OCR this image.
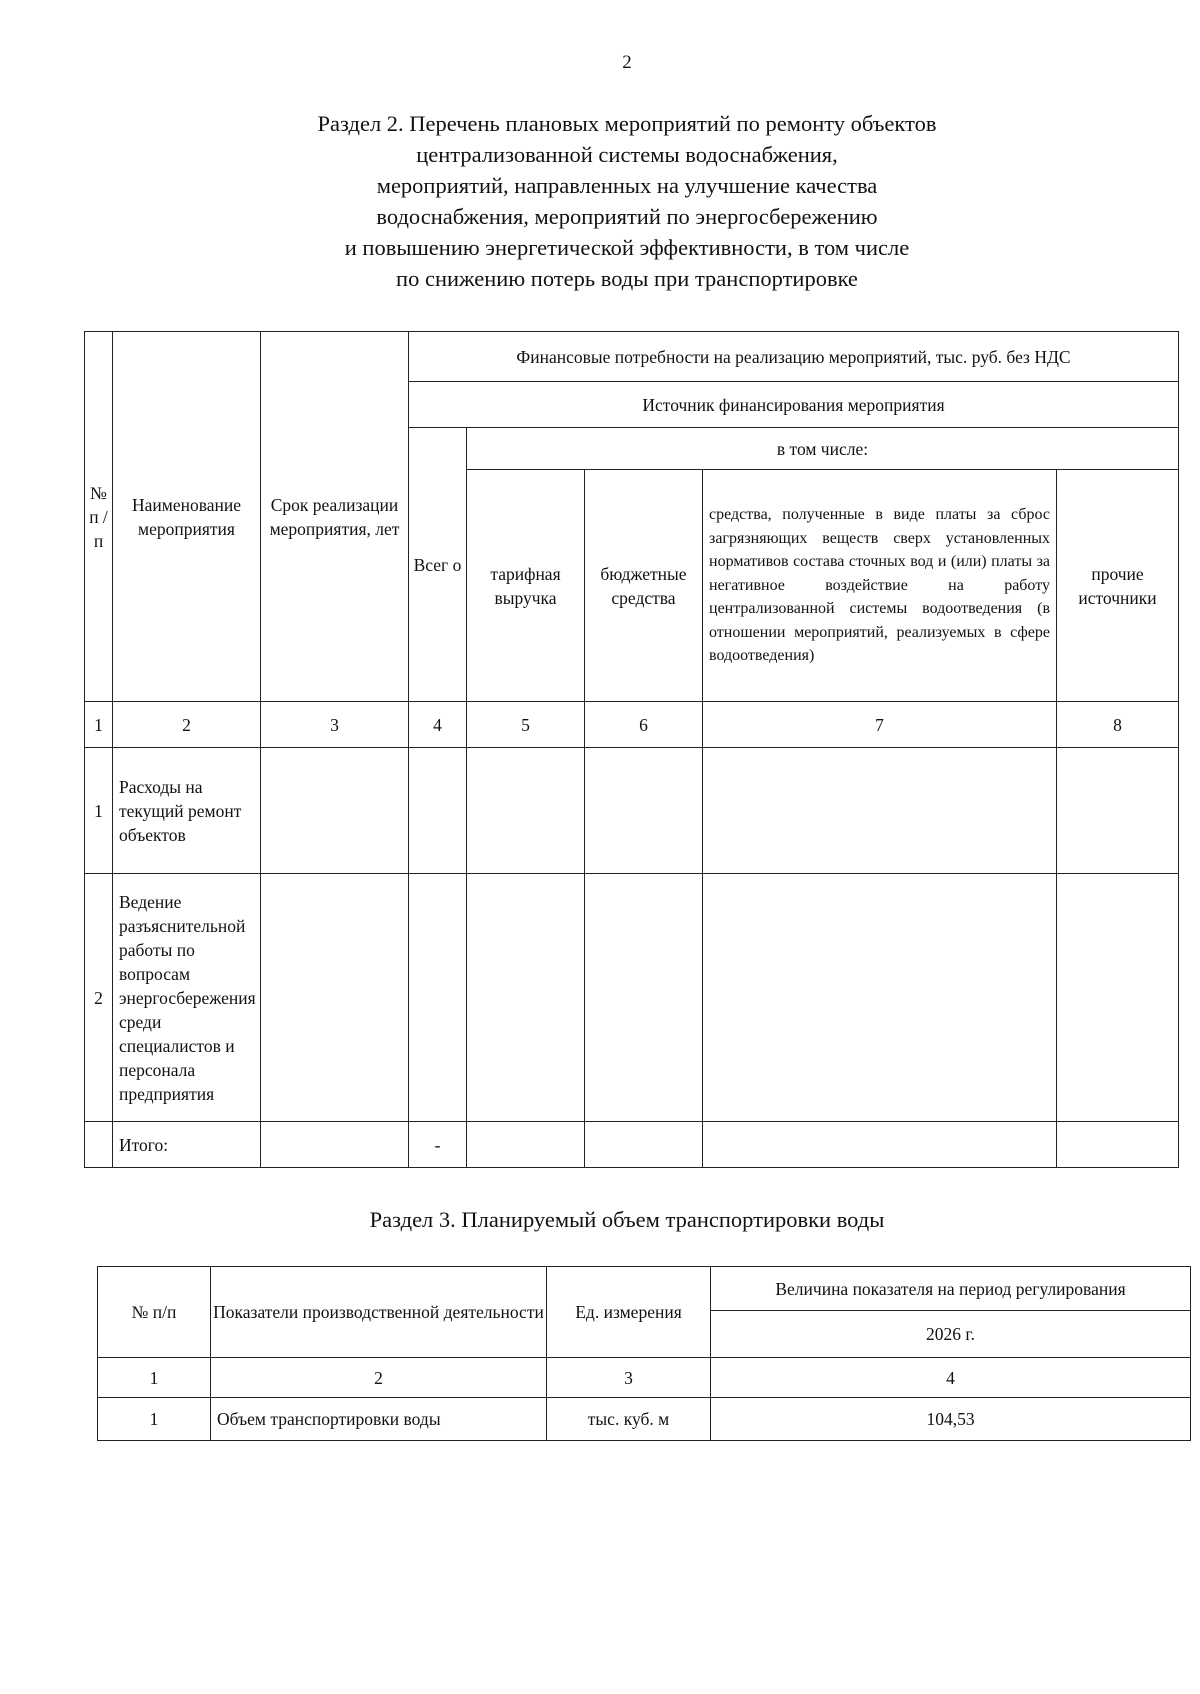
2
Раздел 2. Перечень плановых мероприятий по ремонту объектов
централизованной системы водоснабжения,
мероприятий, направленных на улучшение качества
водоснабжения, мероприятий по энергосбережению
и повышению энергетической эффективности, в том числе
по снижению потерь воды при транспортировке
№ п / п	Наименование мероприятия	Срок реализации мероприятия, лет	Финансовые потребности на реализацию мероприятий, тыс. руб. без НДС				
			Источник финансирования мероприятия				
			Всег о	в том числе:			
				тарифная выручка	бюджетные средства	средства, полученные в виде платы за сброс загрязняющих веществ сверх установленных нормативов состава сточных вод и (или) платы за негативное воздействие на работу централизованной системы водоотведения (в отношении мероприятий, реализуемых в сфере водоотведения)	прочие источники
1	2	3	4	5	6	7	8
1	Расходы на текущий ремонт объектов						
2	Ведение разъяснительной работы по вопросам энергосбережения среди специалистов и персонала предприятия						
	Итого:		-				
Раздел 3. Планируемый объем транспортировки воды
№ п/п	Показатели производственной деятельности	Ед. измерения	Величина показателя на период регулирования
			2026 г.
1	2	3	4
1	Объем транспортировки воды	тыс. куб. м	104,53
